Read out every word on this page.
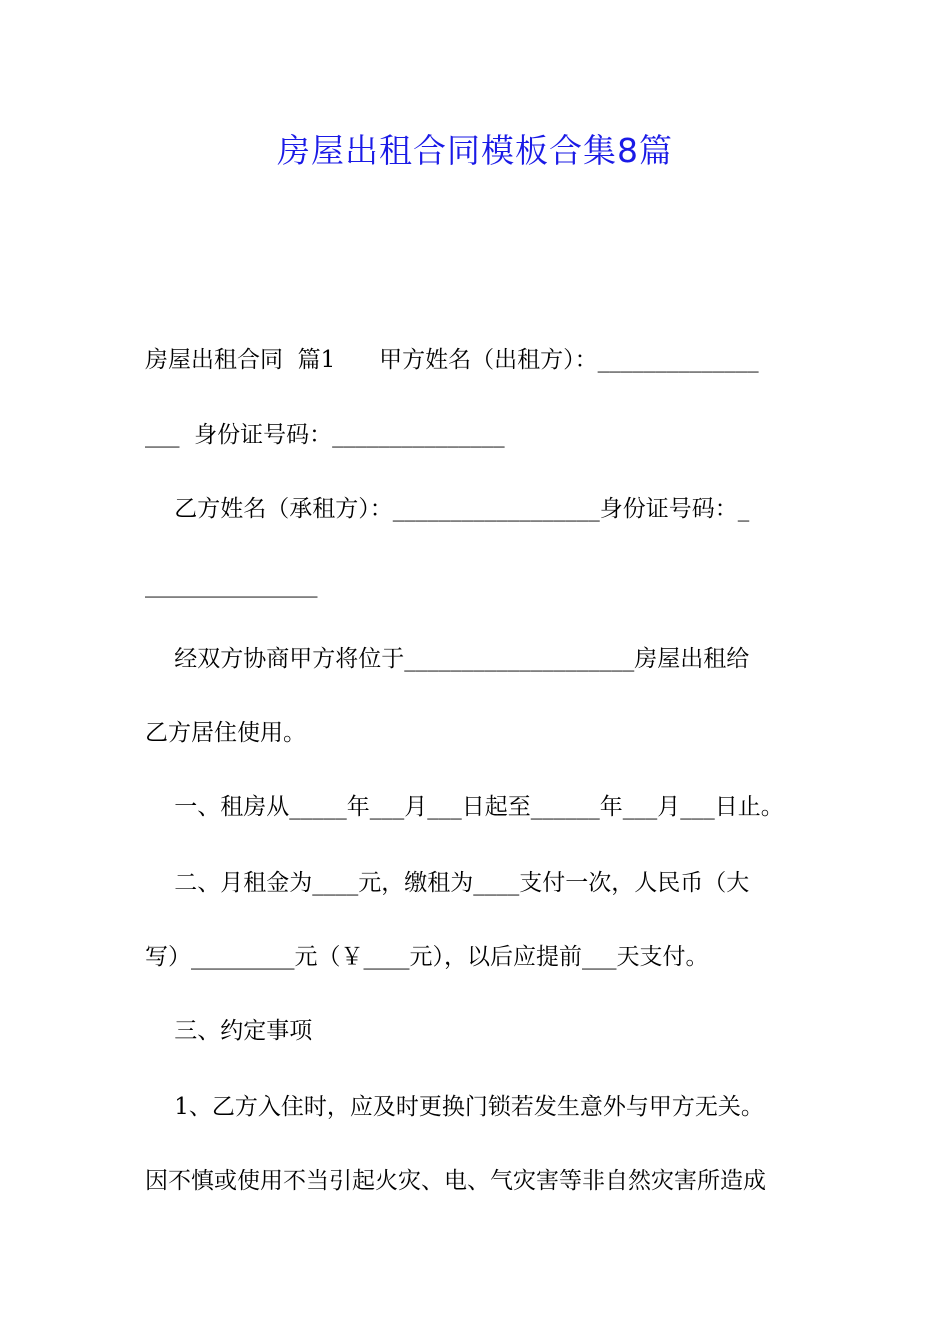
房屋出租合同模板合集8篇
房屋出租合同  篇1      甲方姓名（出租方）：______________
___  身份证号码：_______________
乙方姓名（承租方）：__________________身份证号码：_
_______________
经双方协商甲方将位于____________________房屋出租给
乙方居住使用。
一、租房从_____年___月___日起至______年___月___日止。
二、月租金为____元，缴租为____支付一次，人民币（大
写）_________元（￥____元），以后应提前___天支付。
三、约定事项
1、乙方入住时，应及时更换门锁若发生意外与甲方无关。
因不慎或使用不当引起火灾、电、气灾害等非自然灾害所造成
